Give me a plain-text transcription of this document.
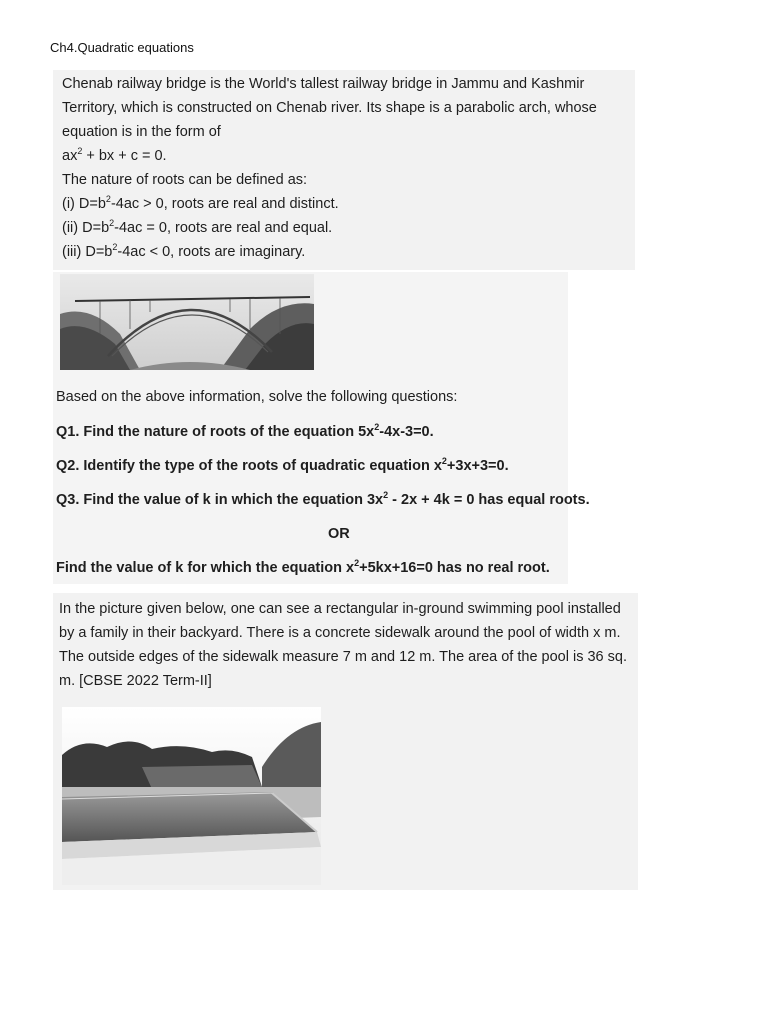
Ch4.Quadratic equations
Chenab railway bridge is the World's tallest railway bridge in Jammu and Kashmir
Territory, which is constructed on Chenab river. Its shape is a parabolic arch, whose
equation is in the form of
$ax^2$ + bx + c = 0.
The nature of roots can be defined as:
(i) $D=b^2-4ac > 0$, roots are real and distinct.
(ii) $D=b^2-4ac = 0$, roots are real and equal.
(iii) $D=b^2-4ac < 0$, roots are imaginary.
Based on the above information, solve the following questions:
Q1. Find the nature of roots of the equation $5x^2-4x-3=0$.
Q2. Identify the type of the roots of quadratic equation $x^2+3x+3=0$.
Q3. Find the value of k in which the equation $3x^2 - 2x + 4k = 0$ has equal roots.
OR
Find the value of k for which the equation $x^2+5kx+16=0$ has no real root.
In the picture given below, one can see a rectangular in-ground swimming pool installed
by a family in their backyard. There is a concrete sidewalk around the pool of width x m.
The outside edges of the sidewalk measure 7 m and 12 m. The area of the pool is 36 sq.
m. [CBSE 2022 Term-II]
